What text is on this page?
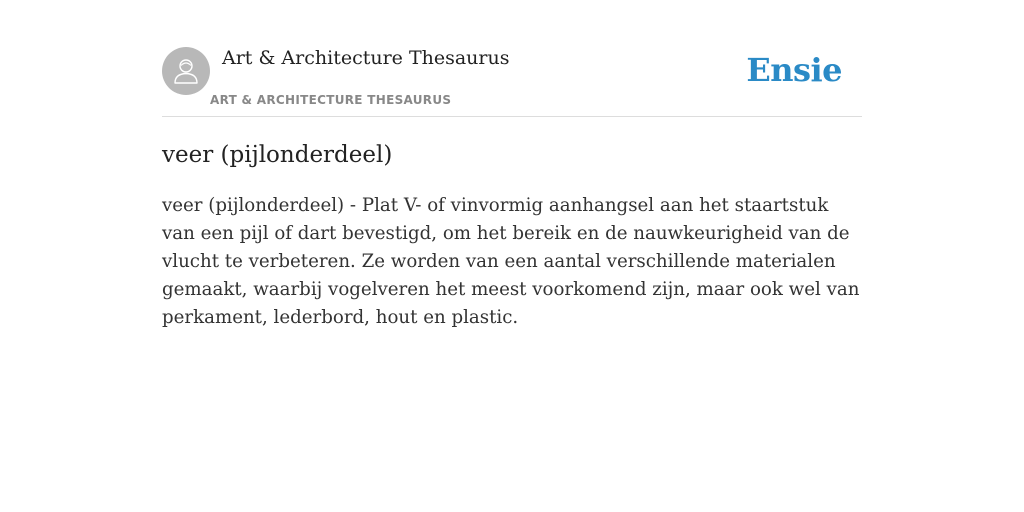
Art & Architecture Thesaurus
ART & ARCHITECTURE THESAURUS
Ensie
veer (pijlonderdeel)

veer (pijlonderdeel) - Plat V- of vinvormig aanhangsel aan het staartstuk van een pijl of dart bevestigd, om het bereik en de nauwkeurigheid van de vlucht te verbeteren. Ze worden van een aantal verschillende materialen gemaakt, waarbij vogelveren het meest voorkomend zijn, maar ook wel van perkament, lederbord, hout en plastic.
